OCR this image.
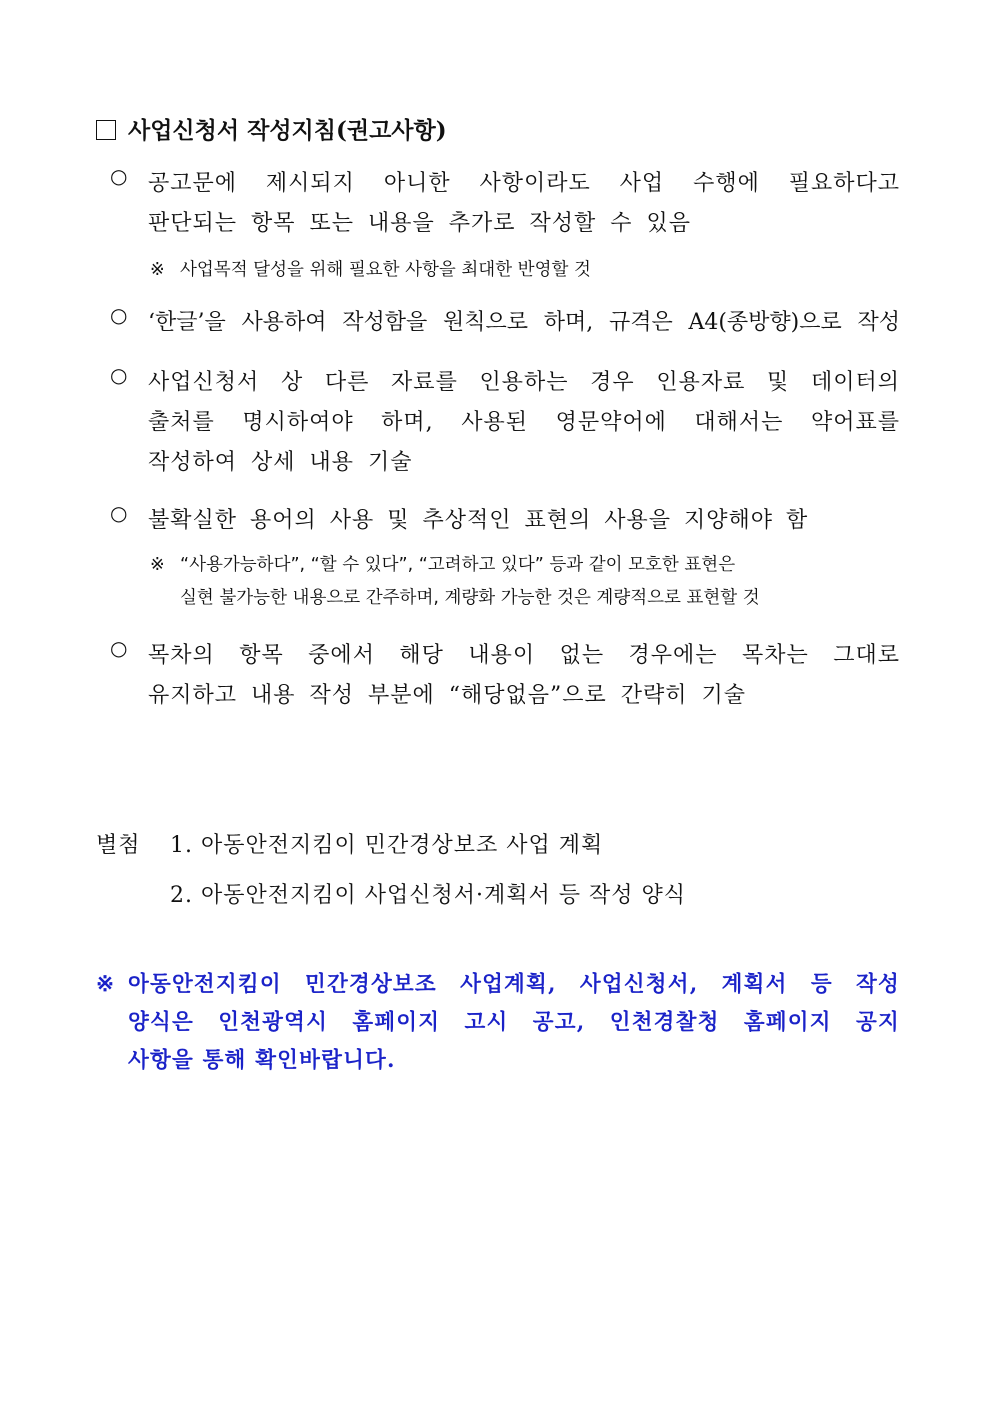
사업신청서 작성지침(권고사항)
○ 공고문에 제시되지 아니한 사항이라도 사업 수행에 필요하다고
판단되는 항목 또는 내용을 추가로 작성할 수 있음
※ 사업목적 달성을 위해 필요한 사항을 최대한 반영할 것
○ ‘한글’을 사용하여 작성함을 원칙으로 하며, 규격은 A4(종방향)으로 작성
○ 사업신청서 상 다른 자료를 인용하는 경우 인용자료 및 데이터의
출처를 명시하여야 하며, 사용된 영문약어에 대해서는 약어표를
작성하여 상세 내용 기술
○ 불확실한 용어의 사용 및 추상적인 표현의 사용을 지양해야 함
※ “사용가능하다”, “할 수 있다”, “고려하고 있다” 등과 같이 모호한 표현은
실현 불가능한 내용으로 간주하며, 계량화 가능한 것은 계량적으로 표현할 것
○ 목차의 항목 중에서 해당 내용이 없는 경우에는 목차는 그대로
유지하고 내용 작성 부분에 “해당없음”으로 간략히 기술
별첨 1. 아동안전지킴이 민간경상보조 사업 계획
2. 아동안전지킴이 사업신청서·계획서 등 작성 양식
※ 아동안전지킴이 민간경상보조 사업계획, 사업신청서, 계획서 등 작성
양식은 인천광역시 홈페이지 고시 공고, 인천경찰청 홈페이지 공지
사항을 통해 확인바랍니다.
